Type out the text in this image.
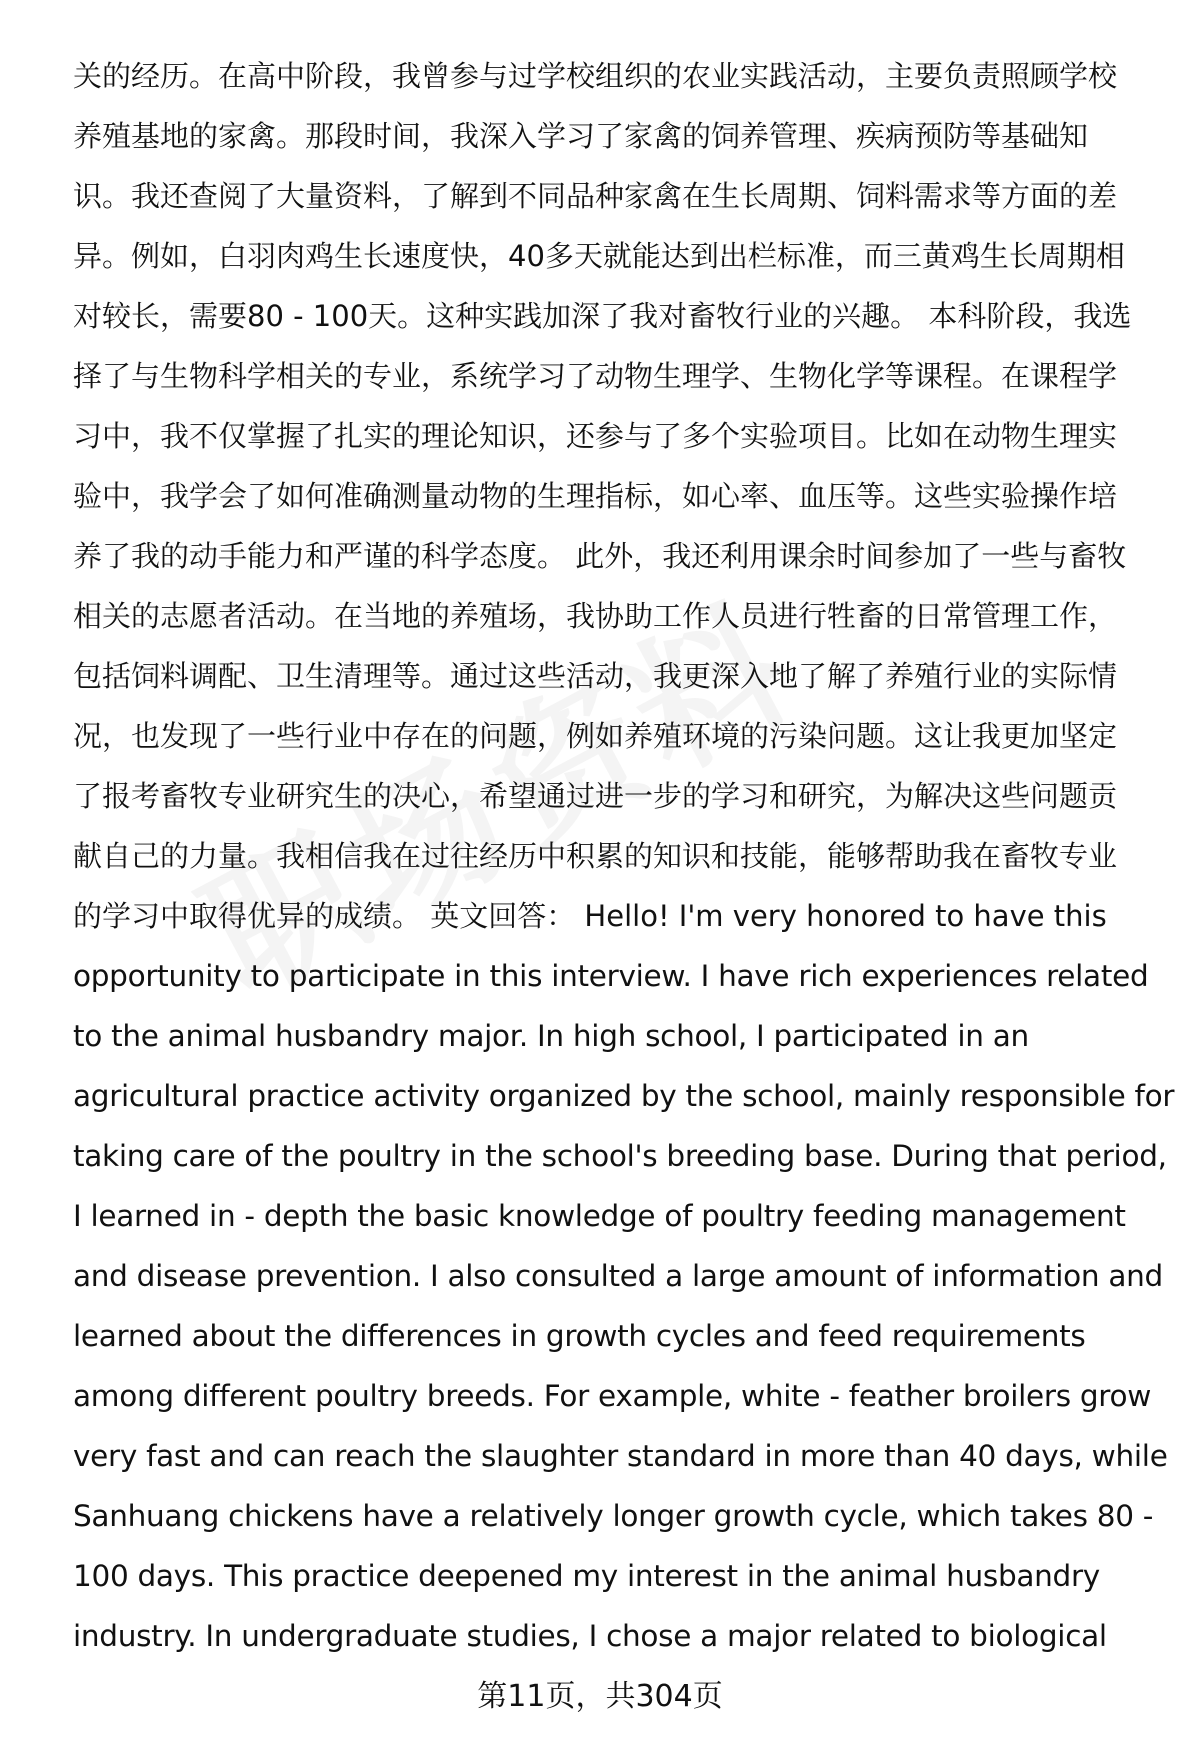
关的经历。在高中阶段，我曾参与过学校组织的农业实践活动，主要负责照顾学校
养殖基地的家禽。那段时间，我深入学习了家禽的饲养管理、疾病预防等基础知
识。我还查阅了大量资料，了解到不同品种家禽在生长周期、饲料需求等方面的差
异。例如，白羽肉鸡生长速度快，40多天就能达到出栏标准，而三黄鸡生长周期相
对较长，需要80 - 100天。这种实践加深了我对畜牧行业的兴趣。 本科阶段，我选
择了与生物科学相关的专业，系统学习了动物生理学、生物化学等课程。在课程学
习中，我不仅掌握了扎实的理论知识，还参与了多个实验项目。比如在动物生理实
验中，我学会了如何准确测量动物的生理指标，如心率、血压等。这些实验操作培
养了我的动手能力和严谨的科学态度。 此外，我还利用课余时间参加了一些与畜牧
相关的志愿者活动。在当地的养殖场，我协助工作人员进行牲畜的日常管理工作，
包括饲料调配、卫生清理等。通过这些活动，我更深入地了解了养殖行业的实际情
况，也发现了一些行业中存在的问题，例如养殖环境的污染问题。这让我更加坚定
了报考畜牧专业研究生的决心，希望通过进一步的学习和研究，为解决这些问题贡
献自己的力量。我相信我在过往经历中积累的知识和技能，能够帮助我在畜牧专业
的学习中取得优异的成绩。 英文回答： Hello! I'm very honored to have this
opportunity to participate in this interview. I have rich experiences related
to the animal husbandry major. In high school, I participated in an
agricultural practice activity organized by the school, mainly responsible for
taking care of the poultry in the school's breeding base. During that period,
I learned in - depth the basic knowledge of poultry feeding management
and disease prevention. I also consulted a large amount of information and
learned about the differences in growth cycles and feed requirements
among different poultry breeds. For example, white - feather broilers grow
very fast and can reach the slaughter standard in more than 40 days, while
Sanhuang chickens have a relatively longer growth cycle, which takes 80 -
100 days. This practice deepened my interest in the animal husbandry
industry. In undergraduate studies, I chose a major related to biological
第11页，共304页
